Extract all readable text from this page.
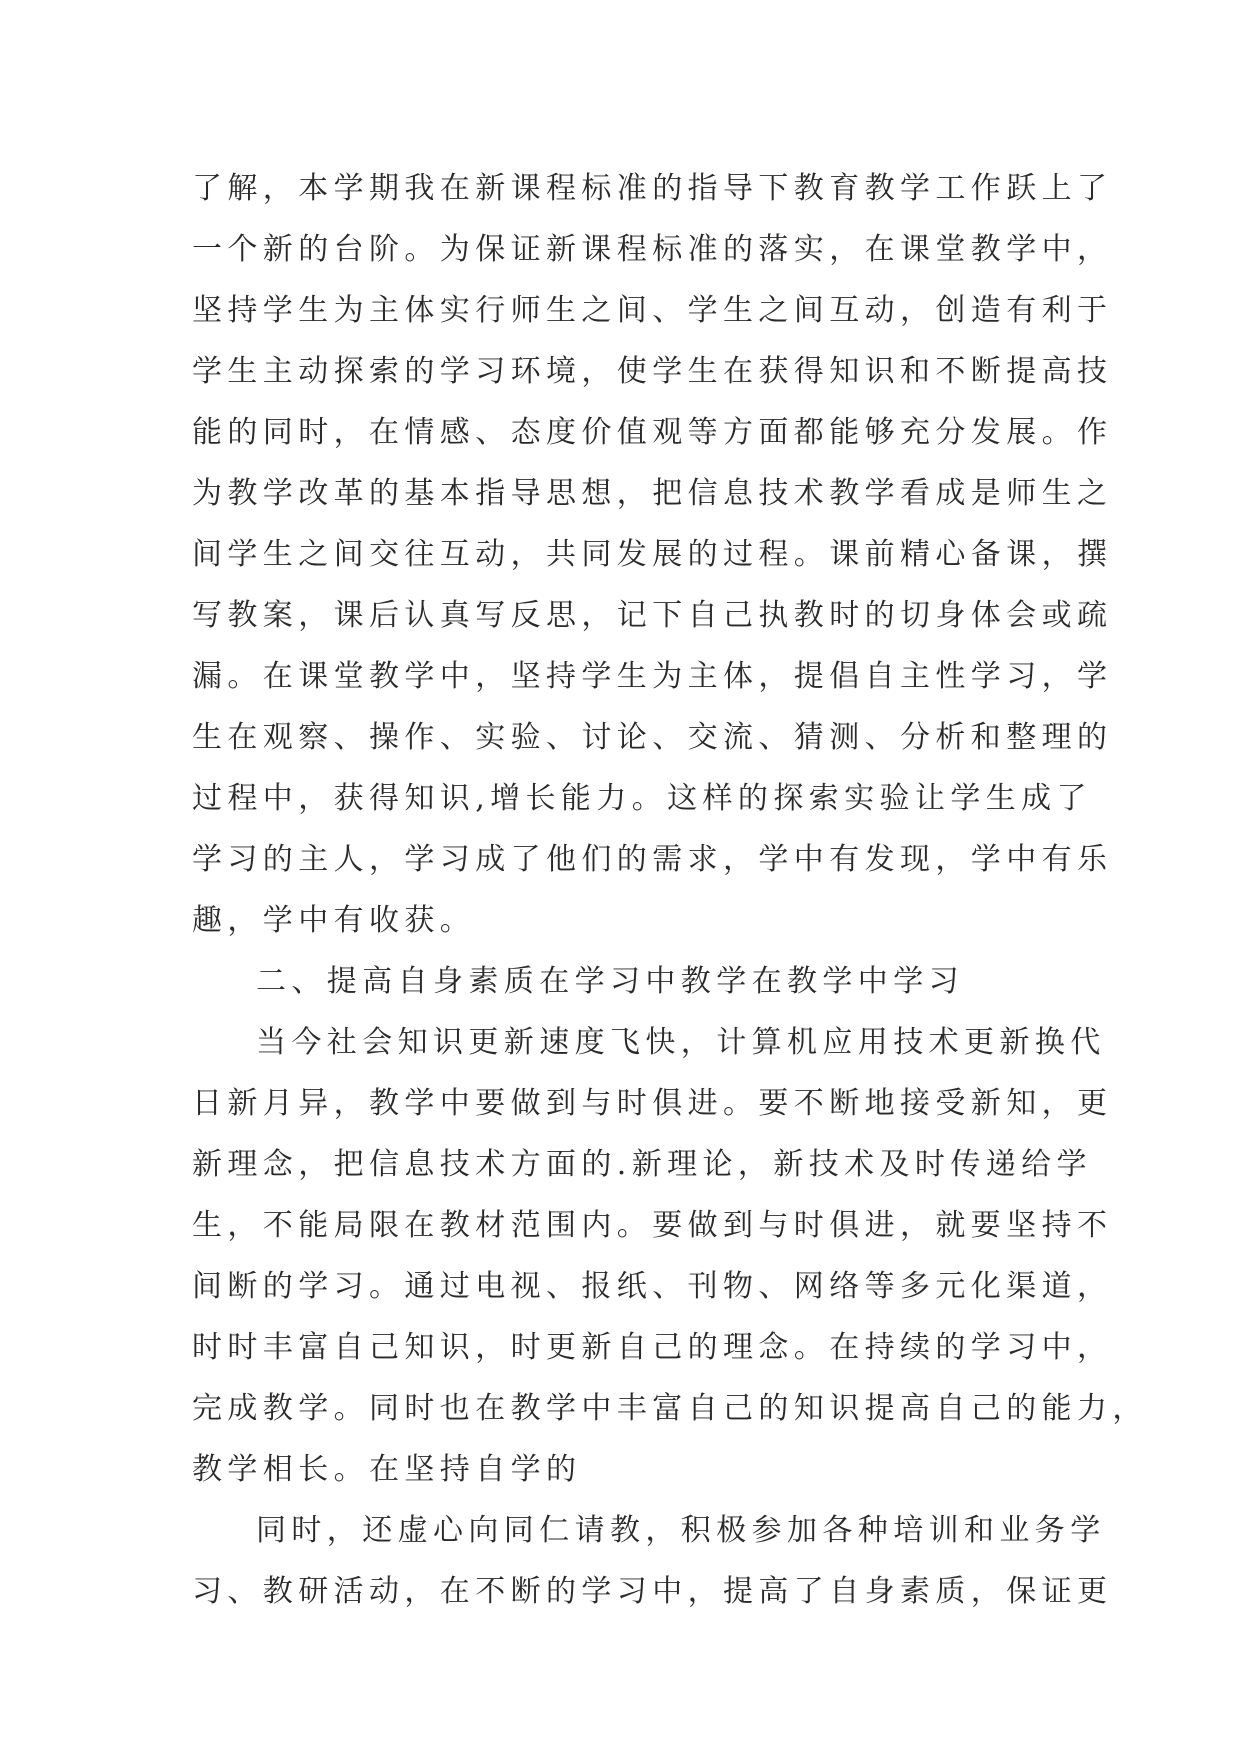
了解，本学期我在新课程标准的指导下教育教学工作跃上了
一个新的台阶。为保证新课程标准的落实，在课堂教学中，
坚持学生为主体实行师生之间、学生之间互动，创造有利于
学生主动探索的学习环境，使学生在获得知识和不断提高技
能的同时，在情感、态度价值观等方面都能够充分发展。作
为教学改革的基本指导思想，把信息技术教学看成是师生之
间学生之间交往互动，共同发展的过程。课前精心备课，撰
写教案，课后认真写反思，记下自己执教时的切身体会或疏
漏。在课堂教学中，坚持学生为主体，提倡自主性学习，学
生在观察、操作、实验、讨论、交流、猜测、分析和整理的
过程中，获得知识,增长能力。这样的探索实验让学生成了
学习的主人，学习成了他们的需求，学中有发现，学中有乐
趣，学中有收获。
二、提高自身素质在学习中教学在教学中学习
当今社会知识更新速度飞快，计算机应用技术更新换代
日新月异，教学中要做到与时俱进。要不断地接受新知，更
新理念，把信息技术方面的.新理论，新技术及时传递给学
生，不能局限在教材范围内。要做到与时俱进，就要坚持不
间断的学习。通过电视、报纸、刊物、网络等多元化渠道，
时时丰富自己知识，时更新自己的理念。在持续的学习中，
完成教学。同时也在教学中丰富自己的知识提高自己的能力，
教学相长。在坚持自学的
同时，还虚心向同仁请教，积极参加各种培训和业务学
习、教研活动，在不断的学习中，提高了自身素质，保证更
